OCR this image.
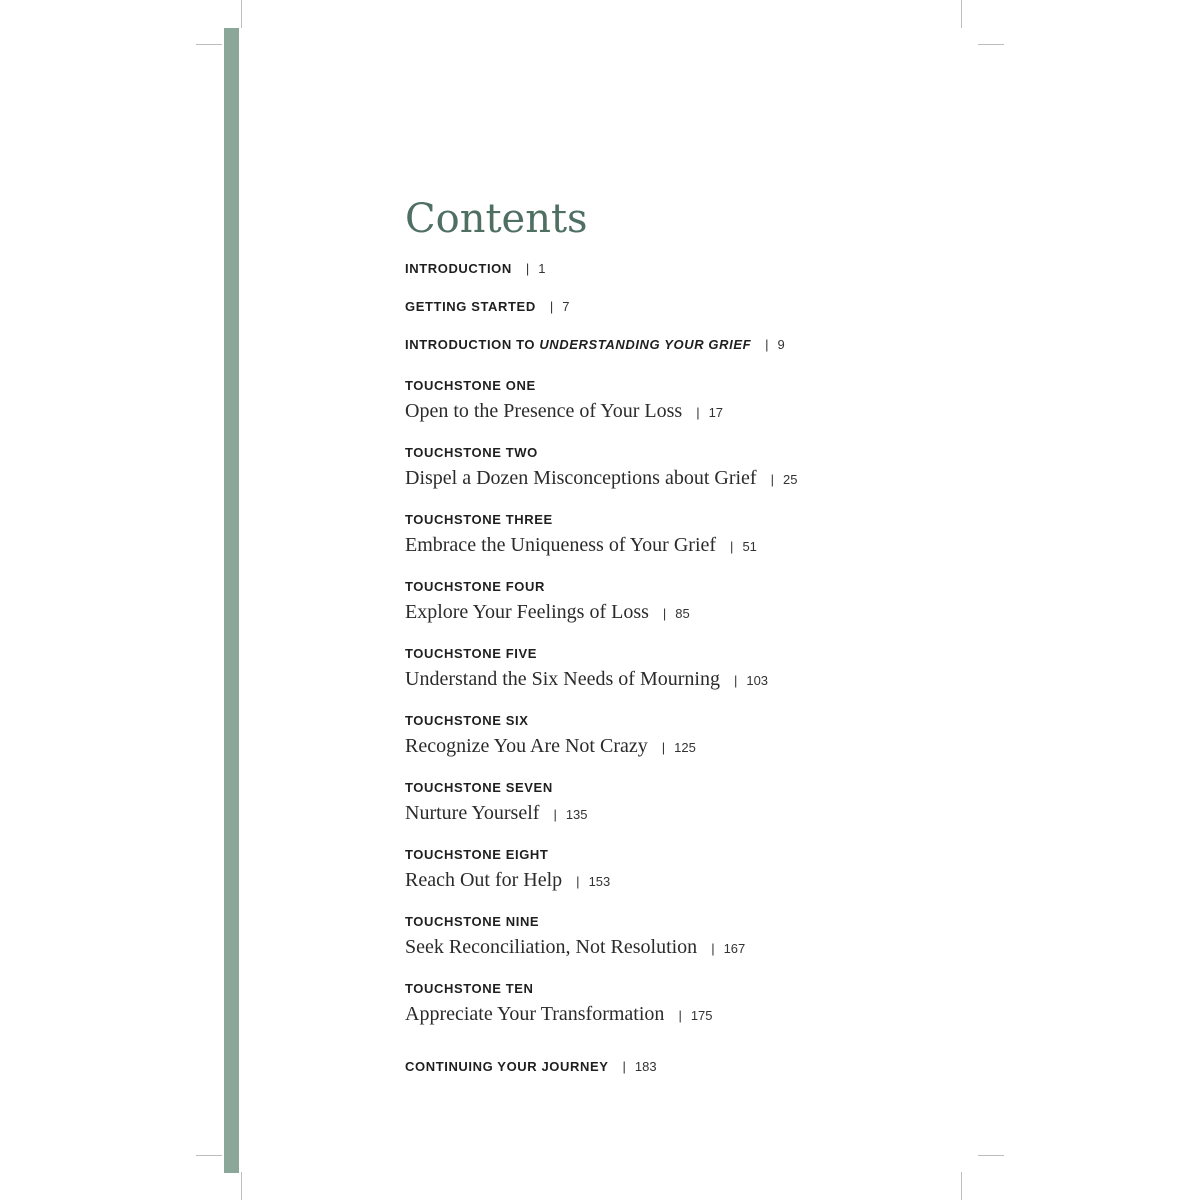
Contents
INTRODUCTION | 1
GETTING STARTED | 7
INTRODUCTION TO UNDERSTANDING YOUR GRIEF | 9
TOUCHSTONE ONE
Open to the Presence of Your Loss | 17
TOUCHSTONE TWO
Dispel a Dozen Misconceptions about Grief | 25
TOUCHSTONE THREE
Embrace the Uniqueness of Your Grief | 51
TOUCHSTONE FOUR
Explore Your Feelings of Loss | 85
TOUCHSTONE FIVE
Understand the Six Needs of Mourning | 103
TOUCHSTONE SIX
Recognize You Are Not Crazy | 125
TOUCHSTONE SEVEN
Nurture Yourself | 135
TOUCHSTONE EIGHT
Reach Out for Help | 153
TOUCHSTONE NINE
Seek Reconciliation, Not Resolution | 167
TOUCHSTONE TEN
Appreciate Your Transformation | 175
CONTINUING YOUR JOURNEY | 183
